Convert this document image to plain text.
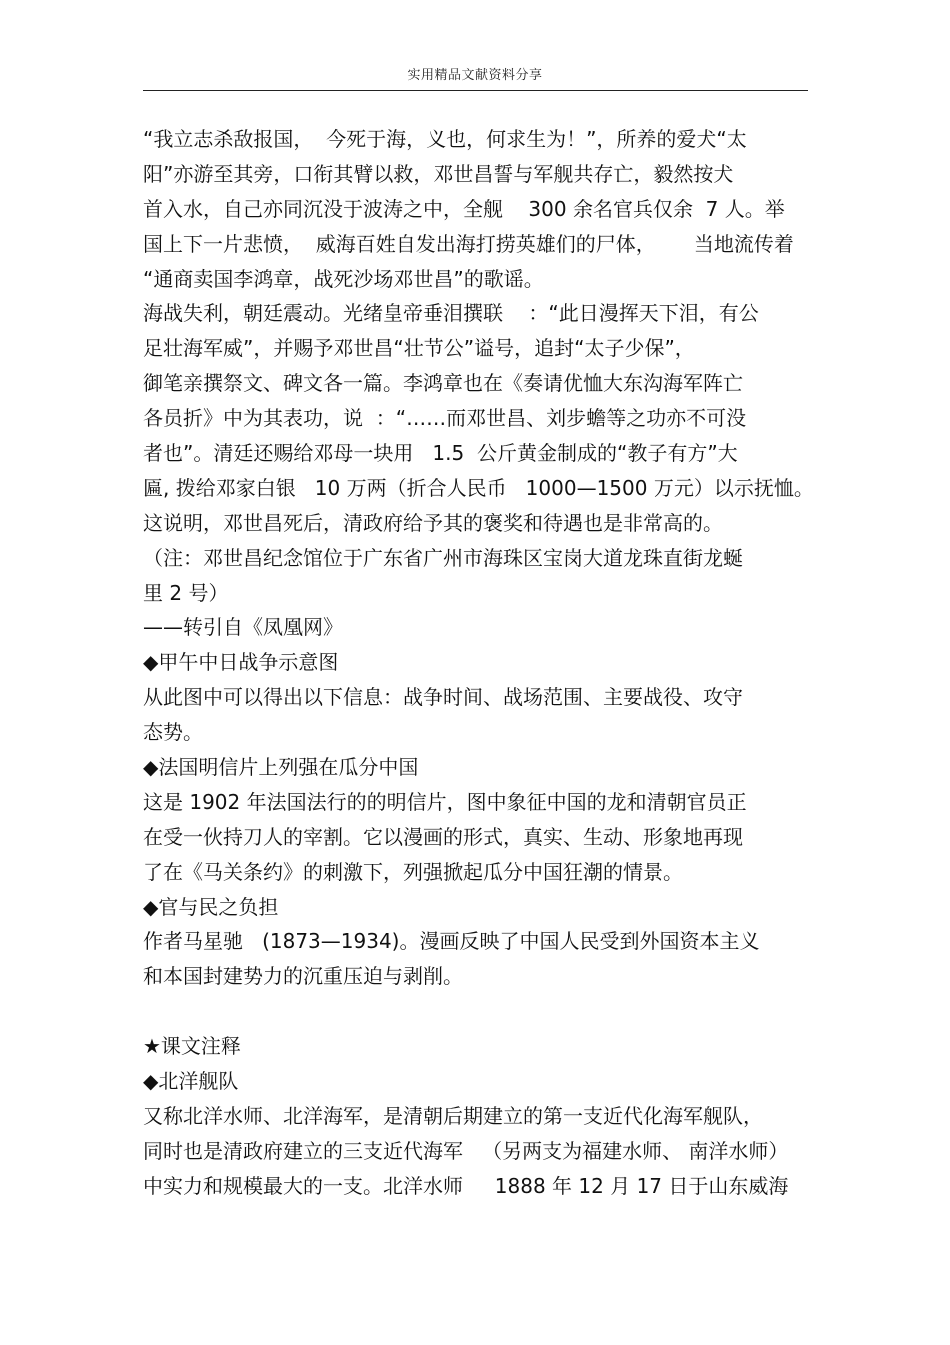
实用精品文献资料分享
“我立志杀敌报国，  今死于海，义也，何求生为！”，所养的爱犬“太
阳”亦游至其旁，口衔其臂以救，邓世昌誓与军舰共存亡，毅然按犬
首入水，自己亦同沉没于波涛之中，全舰    300 余名官兵仅余  7 人。举
国上下一片悲愤，  威海百姓自发出海打捞英雄们的尸体，      当地流传着
“通商卖国李鸿章，战死沙场邓世昌”的歌谣。
海战失利，朝廷震动。光绪皇帝垂泪撰联    ：“此日漫挥天下泪，有公
足壮海军威”，并赐予邓世昌“壮节公”谥号，追封“太子少保”，
御笔亲撰祭文、碑文各一篇。李鸿章也在《奏请优恤大东沟海军阵亡
各员折》中为其表功，说  ：“……而邓世昌、刘步蟾等之功亦不可没
者也”。清廷还赐给邓母一块用   1.5  公斤黄金制成的“教子有方”大
匾, 拨给邓家白银   10 万两（折合人民币   1000—1500 万元）以示抚恤。
这说明，邓世昌死后，清政府给予其的褒奖和待遇也是非常高的。
（注：邓世昌纪念馆位于广东省广州市海珠区宝岗大道龙珠直街龙蜒
里 2 号）
——转引自《凤凰网》
◆甲午中日战争示意图
从此图中可以得出以下信息：战争时间、战场范围、主要战役、攻守
态势。
◆法国明信片上列强在瓜分中国
这是 1902 年法国法行的的明信片，图中象征中国的龙和清朝官员正
在受一伙持刀人的宰割。它以漫画的形式，真实、生动、形象地再现
了在《马关条约》的刺激下，列强掀起瓜分中国狂潮的情景。
◆官与民之负担
作者马星驰   (1873—1934)。漫画反映了中国人民受到外国资本主义
和本国封建势力的沉重压迫与剥削。
★课文注释
◆北洋舰队
又称北洋水师、北洋海军，是清朝后期建立的第一支近代化海军舰队，
同时也是清政府建立的三支近代海军   （另两支为福建水师、 南洋水师）
中实力和规模最大的一支。北洋水师     1888 年 12 月 17 日于山东威海
